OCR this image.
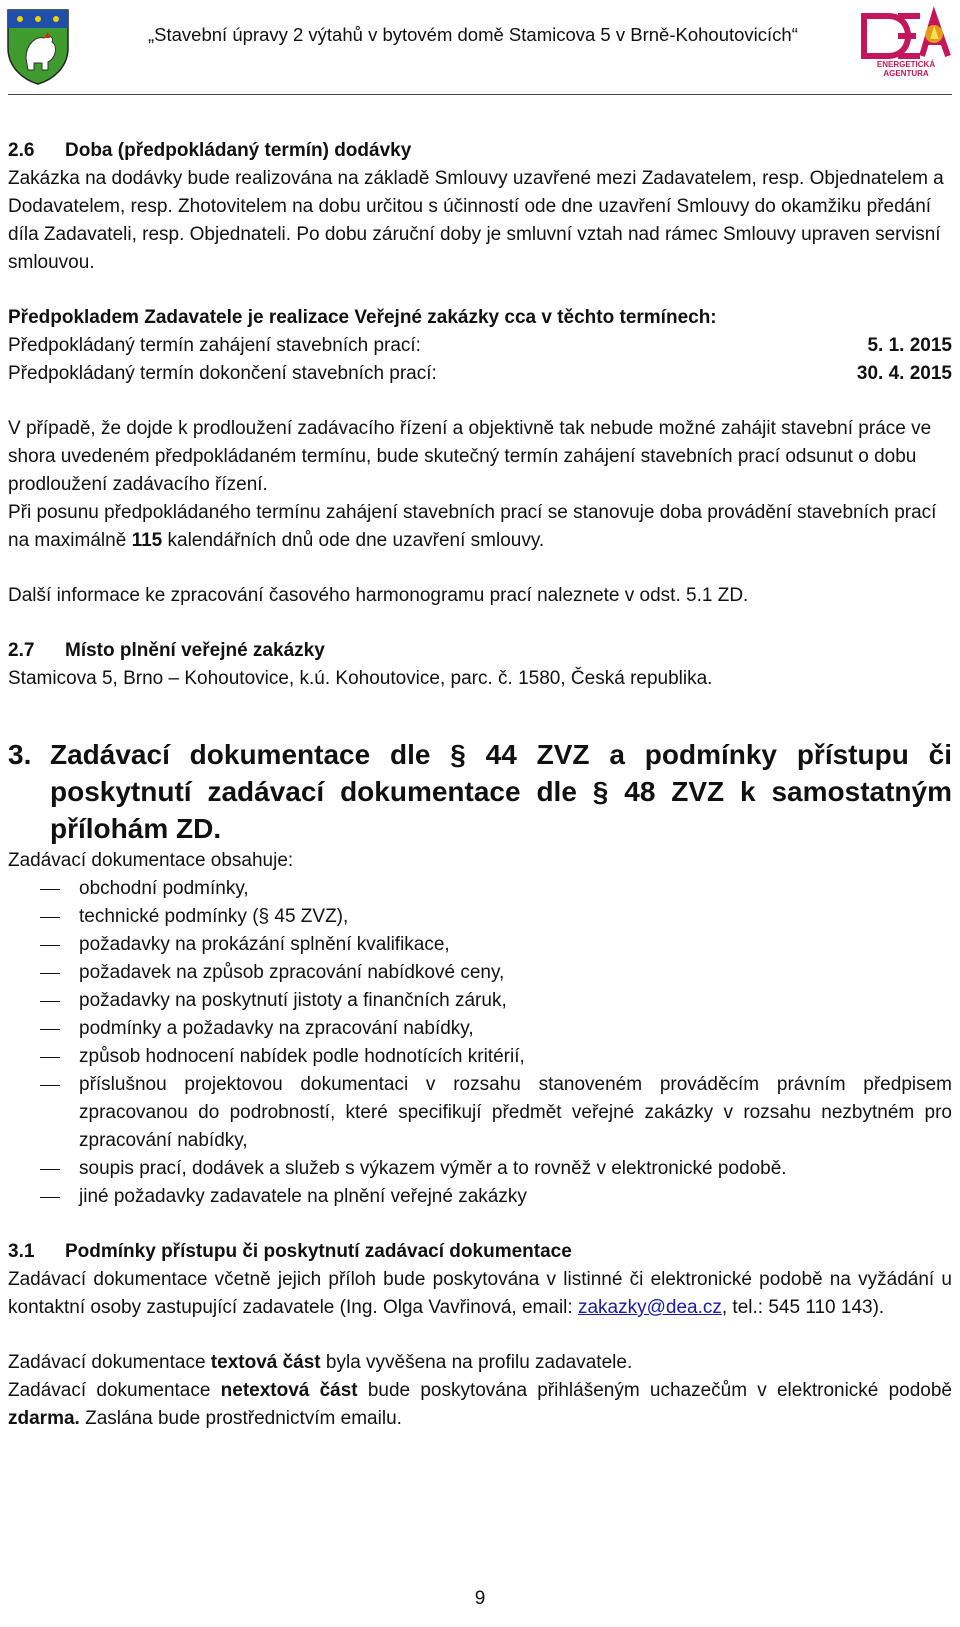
„Stavební úpravy 2 výtahů v bytovém domě Stamicova 5 v Brně-Kohoutovicích“
ENERGETICKÁ
AGENTURA
2.6 Doba (předpokládaný termín) dodávky

Zakázka na dodávky bude realizována na základě Smlouvy uzavřené mezi Zadavatelem, resp. Objednatelem a Dodavatelem, resp. Zhotovitelem na dobu určitou s účinností ode dne uzavření Smlouvy do okamžiku předání díla Zadavateli, resp. Objednateli. Po dobu záruční doby je smluvní vztah nad rámec Smlouvy upraven servisní smlouvou.

Předpokladem Zadavatele je realizace Veřejné zakázky cca v těchto termínech:

Předpokládaný termín zahájení stavebních prací:	5. 1. 2015
Předpokládaný termín dokončení stavebních prací:	30. 4. 2015

V případě, že dojde k prodloužení zadávacího řízení a objektivně tak nebude možné zahájit stavební práce ve shora uvedeném předpokládaném termínu, bude skutečný termín zahájení stavebních prací odsunut o dobu prodloužení zadávacího řízení.

Při posunu předpokládaného termínu zahájení stavebních prací se stanovuje doba provádění stavebních prací na maximálně 115 kalendářních dnů ode dne uzavření smlouvy.

Další informace ke zpracování časového harmonogramu prací naleznete v odst. 5.1 ZD.

2.7 Místo plnění veřejné zakázky

Stamicova 5, Brno – Kohoutovice, k.ú. Kohoutovice, parc. č. 1580, Česká republika.

3. Zadávací dokumentace dle § 44 ZVZ a podmínky přístupu či poskytnutí zadávací dokumentace dle § 48 ZVZ k samostatným přílohám ZD.

Zadávací dokumentace obsahuje:

obchodní podmínky,
technické podmínky (§ 45 ZVZ),
požadavky na prokázání splnění kvalifikace,
požadavek na způsob zpracování nabídkové ceny,
požadavky na poskytnutí jistoty a finančních záruk,
podmínky a požadavky na zpracování nabídky,
způsob hodnocení nabídek podle hodnotících kritérií,
příslušnou projektovou dokumentaci v rozsahu stanoveném prováděcím právním předpisem zpracovanou do podrobností, které specifikují předmět veřejné zakázky v rozsahu nezbytném pro zpracování nabídky,
soupis prací, dodávek a služeb s výkazem výměr a to rovněž v elektronické podobě.
jiné požadavky zadavatele na plnění veřejné zakázky
3.1 Podmínky přístupu či poskytnutí zadávací dokumentace

Zadávací dokumentace včetně jejich příloh bude poskytována v listinné či elektronické podobě na vyžádání u kontaktní osoby zastupující zadavatele (Ing. Olga Vavřinová, email: zakazky@dea.cz, tel.: 545 110 143).

Zadávací dokumentace textová část byla vyvěšena na profilu zadavatele.

Zadávací dokumentace netextová část bude poskytována přihlášeným uchazečům v elektronické podobě zdarma. Zaslána bude prostřednictvím emailu.

9
